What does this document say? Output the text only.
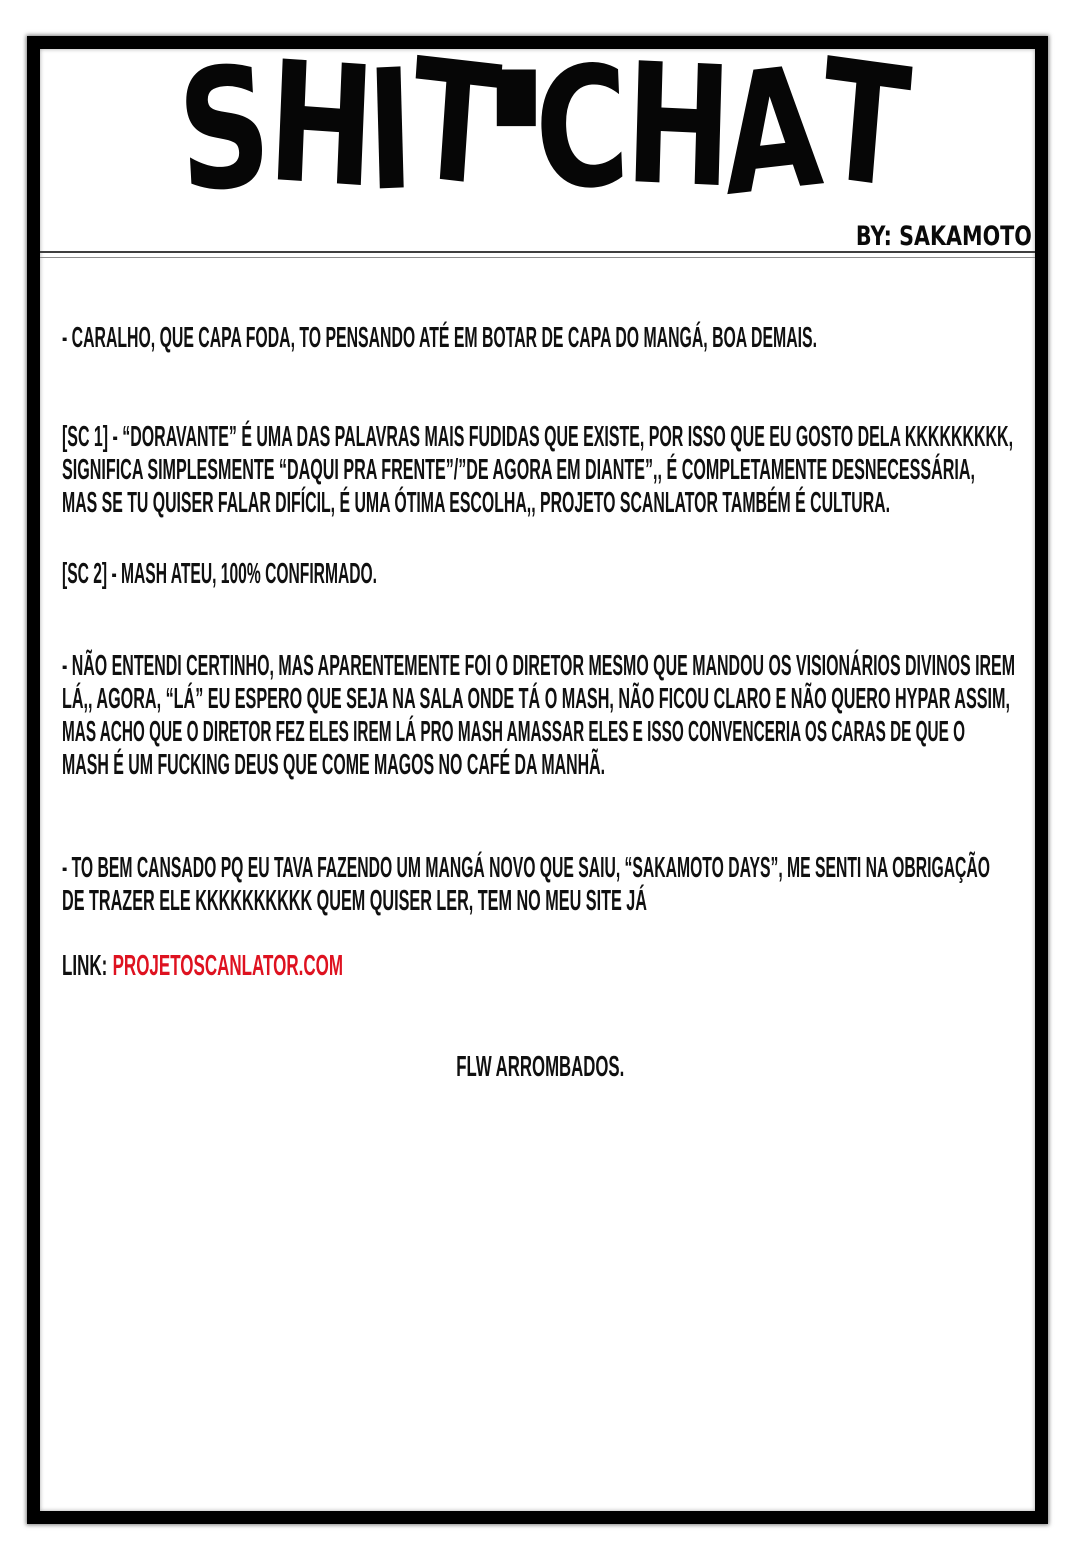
SHIT-CHAT
BY: SAKAMOTO
- CARALHO, QUE CAPA FODA, TO PENSANDO ATÉ EM BOTAR DE CAPA DO MANGÁ, BOA DEMAIS.
[SC 1] - “DORAVANTE” É UMA DAS PALAVRAS MAIS FUDIDAS QUE EXISTE, POR ISSO QUE EU GOSTO DELA KKKKKKKKK,
SIGNIFICA SIMPLESMENTE “DAQUI PRA FRENTE”/”DE AGORA EM DIANTE”,, É COMPLETAMENTE DESNECESSÁRIA,
MAS SE TU QUISER FALAR DIFÍCIL, É UMA ÓTIMA ESCOLHA,, PROJETO SCANLATOR TAMBÉM É CULTURA.
[SC 2] - MASH ATEU, 100% CONFIRMADO.
- NÃO ENTENDI CERTINHO, MAS APARENTEMENTE FOI O DIRETOR MESMO QUE MANDOU OS VISIONÁRIOS DIVINOS IREM
LÁ,, AGORA, “LÁ” EU ESPERO QUE SEJA NA SALA ONDE TÁ O MASH, NÃO FICOU CLARO E NÃO QUERO HYPAR ASSIM,
MAS ACHO QUE O DIRETOR FEZ ELES IREM LÁ PRO MASH AMASSAR ELES E ISSO CONVENCERIA OS CARAS DE QUE O
MASH É UM FUCKING DEUS QUE COME MAGOS NO CAFÉ DA MANHÃ.
- TO BEM CANSADO PQ EU TAVA FAZENDO UM MANGÁ NOVO QUE SAIU, “SAKAMOTO DAYS”, ME SENTI NA OBRIGAÇÃO
DE TRAZER ELE KKKKKKKKKK QUEM QUISER LER, TEM NO MEU SITE JÁ
LINK: PROJETOSCANLATOR.COM
FLW ARROMBADOS.
